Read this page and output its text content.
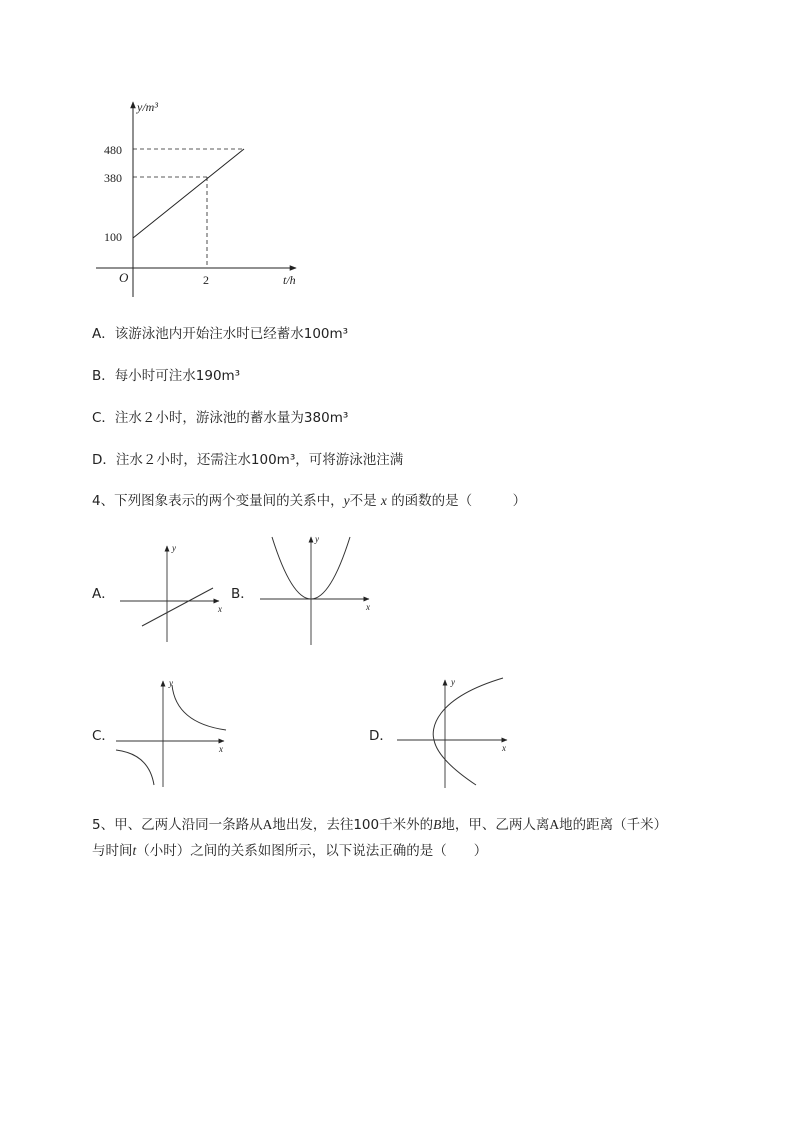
y/m³
480
380
100
O	2	t/h
A．该游泳池内开始注水时已经蓄水100m³
B．每小时可注水190m³
C．注水２小时，游泳池的蓄水量为380m³
D．注水２小时，还需注水100m³，可将游泳池注满
4、下列图象表示的两个变量间的关系中，y不是 x 的函数的是（　　　）
A．	B．
C．	D．
y
x
y
x
y
x
y
x
5、甲、乙两人沿同一条路从A地出发，去往100千米外的B地，甲、乙两人离A地的距离（千米）
与时间t（小时）之间的关系如图所示，以下说法正确的是（　　）
